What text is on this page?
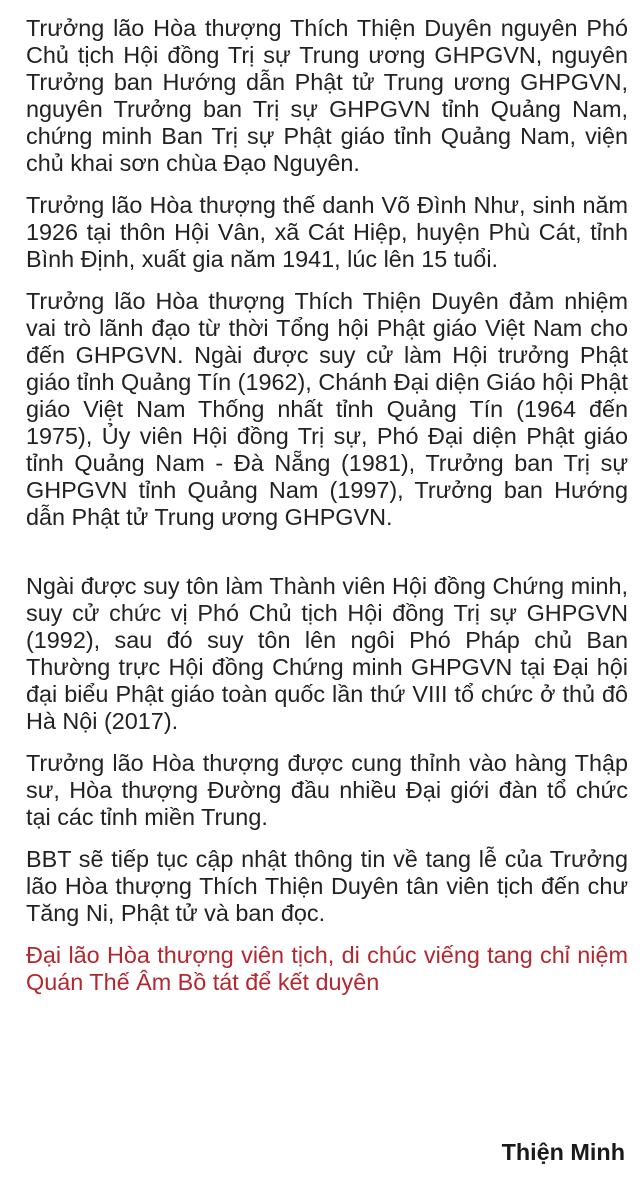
Trưởng lão Hòa thượng Thích Thiện Duyên nguyên Phó Chủ tịch Hội đồng Trị sự Trung ương GHPGVN, nguyên Trưởng ban Hướng dẫn Phật tử Trung ương GHPGVN, nguyên Trưởng ban Trị sự GHPGVN tỉnh Quảng Nam, chứng minh Ban Trị sự Phật giáo tỉnh Quảng Nam, viện chủ khai sơn chùa Đạo Nguyên.

Trưởng lão Hòa thượng thế danh Võ Đình Như, sinh năm 1926 tại thôn Hội Vân, xã Cát Hiệp, huyện Phù Cát, tỉnh Bình Định, xuất gia năm 1941, lúc lên 15 tuổi.

Trưởng lão Hòa thượng Thích Thiện Duyên đảm nhiệm vai trò lãnh đạo từ thời Tổng hội Phật giáo Việt Nam cho đến GHPGVN. Ngài được suy cử làm Hội trưởng Phật giáo tỉnh Quảng Tín (1962), Chánh Đại diện Giáo hội Phật giáo Việt Nam Thống nhất tỉnh Quảng Tín (1964 đến 1975), Ủy viên Hội đồng Trị sự, Phó Đại diện Phật giáo tỉnh Quảng Nam - Đà Nẵng (1981), Trưởng ban Trị sự GHPGVN tỉnh Quảng Nam (1997), Trưởng ban Hướng dẫn Phật tử Trung ương GHPGVN.

Ngài được suy tôn làm Thành viên Hội đồng Chứng minh, suy cử chức vị Phó Chủ tịch Hội đồng Trị sự GHPGVN (1992), sau đó suy tôn lên ngôi Phó Pháp chủ Ban Thường trực Hội đồng Chứng minh GHPGVN tại Đại hội đại biểu Phật giáo toàn quốc lần thứ VIII tổ chức ở thủ đô Hà Nội (2017).

Trưởng lão Hòa thượng được cung thỉnh vào hàng Thập sư, Hòa thượng Đường đầu nhiều Đại giới đàn tổ chức tại các tỉnh miền Trung.

BBT sẽ tiếp tục cập nhật thông tin về tang lễ của Trưởng lão Hòa thượng Thích Thiện Duyên tân viên tịch đến chư Tăng Ni, Phật tử và ban đọc.

Đại lão Hòa thượng viên tịch, di chúc viếng tang chỉ niệm Quán Thế Âm Bồ tát để kết duyên
Thiện Minh
